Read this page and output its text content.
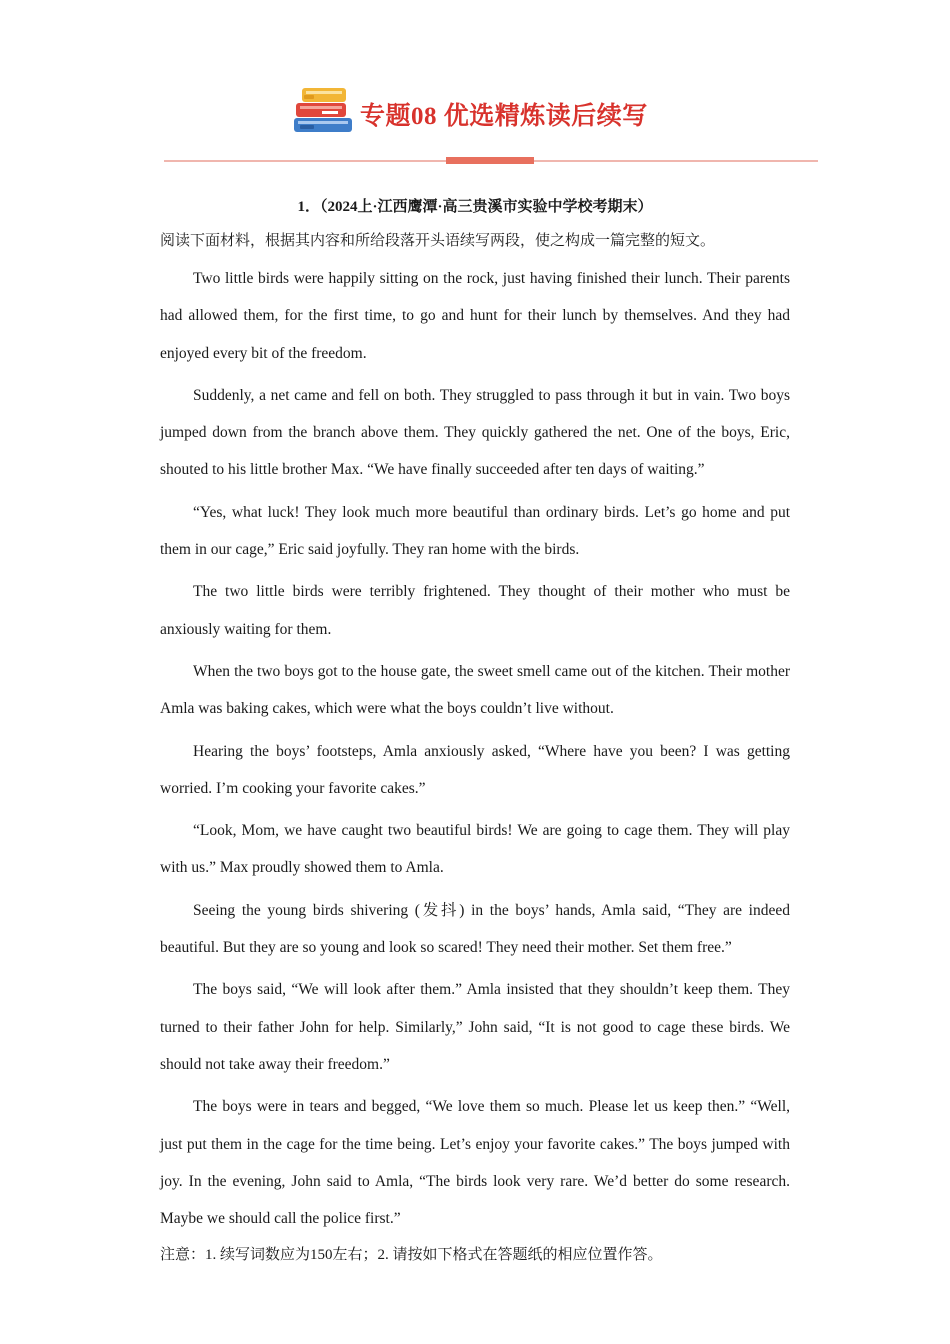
专题08 优选精炼读后续写

1．（2024上·江西鹰潭·高三贵溪市实验中学校考期末）

阅读下面材料，根据其内容和所给段落开头语续写两段，使之构成一篇完整的短文。

Two little birds were happily sitting on the rock, just having finished their lunch. Their parents had allowed them, for the first time, to go and hunt for their lunch by themselves. And they had enjoyed every bit of the freedom.

Suddenly, a net came and fell on both. They struggled to pass through it but in vain. Two boys jumped down from the branch above them. They quickly gathered the net. One of the boys, Eric, shouted to his little brother Max. “We have finally succeeded after ten days of waiting.”

“Yes, what luck! They look much more beautiful than ordinary birds. Let’s go home and put them in our cage,” Eric said joyfully. They ran home with the birds.

The two little birds were terribly frightened. They thought of their mother who must be anxiously waiting for them.

When the two boys got to the house gate, the sweet smell came out of the kitchen. Their mother Amla was baking cakes, which were what the boys couldn’t live without.

Hearing the boys’ footsteps, Amla anxiously asked, “Where have you been? I was getting worried. I’m cooking your favorite cakes.”

“Look, Mom, we have caught two beautiful birds! We are going to cage them. They will play with us.” Max proudly showed them to Amla.

Seeing the young birds shivering (发抖) in the boys’ hands, Amla said, “They are indeed beautiful. But they are so young and look so scared! They need their mother. Set them free.”

The boys said, “We will look after them.” Amla insisted that they shouldn’t keep them. They turned to their father John for help. Similarly,” John said, “It is not good to cage these birds. We should not take away their freedom.”

The boys were in tears and begged, “We love them so much. Please let us keep then.” “Well, just put them in the cage for the time being. Let’s enjoy your favorite cakes.” The boys jumped with joy. In the evening, John said to Amla, “The birds look very rare. We’d better do some research. Maybe we should call the police first.”

注意：1. 续写词数应为150左右；2. 请按如下格式在答题纸的相应位置作答。
